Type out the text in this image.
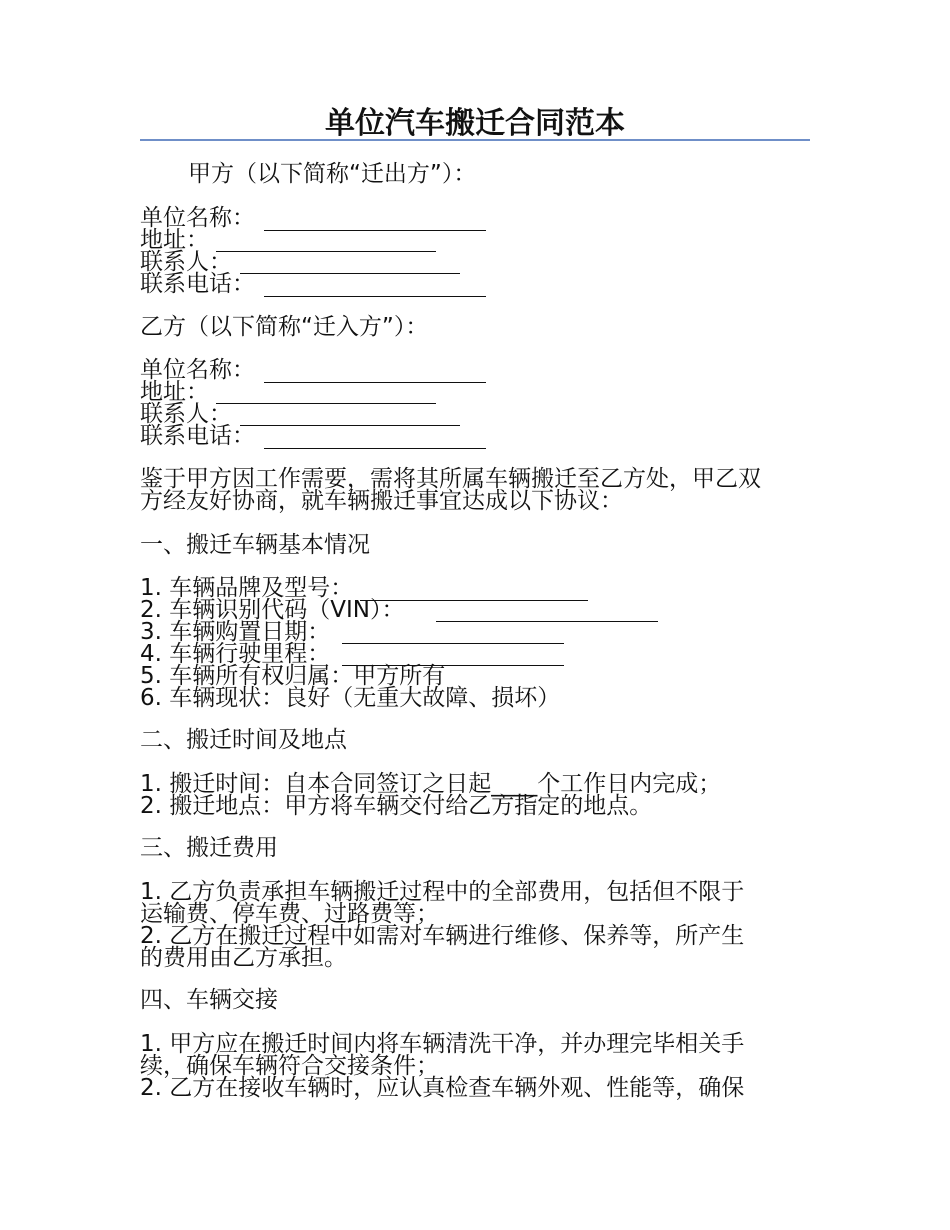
单位汽车搬迁合同范本
甲方（以下简称“迁出方”）：
单位名称：
地址：
联系人：
联系电话：
乙方（以下简称“迁入方”）：
单位名称：
地址：
联系人：
联系电话：
鉴于甲方因工作需要，需将其所属车辆搬迁至乙方处，甲乙双
方经友好协商，就车辆搬迁事宜达成以下协议：
一、搬迁车辆基本情况
1. 车辆品牌及型号：
2. 车辆识别代码（VIN）：
3. 车辆购置日期：
4. 车辆行驶里程：
5. 车辆所有权归属：甲方所有
6. 车辆现状：良好（无重大故障、损坏）
二、搬迁时间及地点
1. 搬迁时间：自本合同签订之日起____个工作日内完成；
2. 搬迁地点：甲方将车辆交付给乙方指定的地点。
三、搬迁费用
1. 乙方负责承担车辆搬迁过程中的全部费用，包括但不限于
运输费、停车费、过路费等；
2. 乙方在搬迁过程中如需对车辆进行维修、保养等，所产生
的费用由乙方承担。
四、车辆交接
1. 甲方应在搬迁时间内将车辆清洗干净，并办理完毕相关手
续，确保车辆符合交接条件；
2. 乙方在接收车辆时，应认真检查车辆外观、性能等，确保
